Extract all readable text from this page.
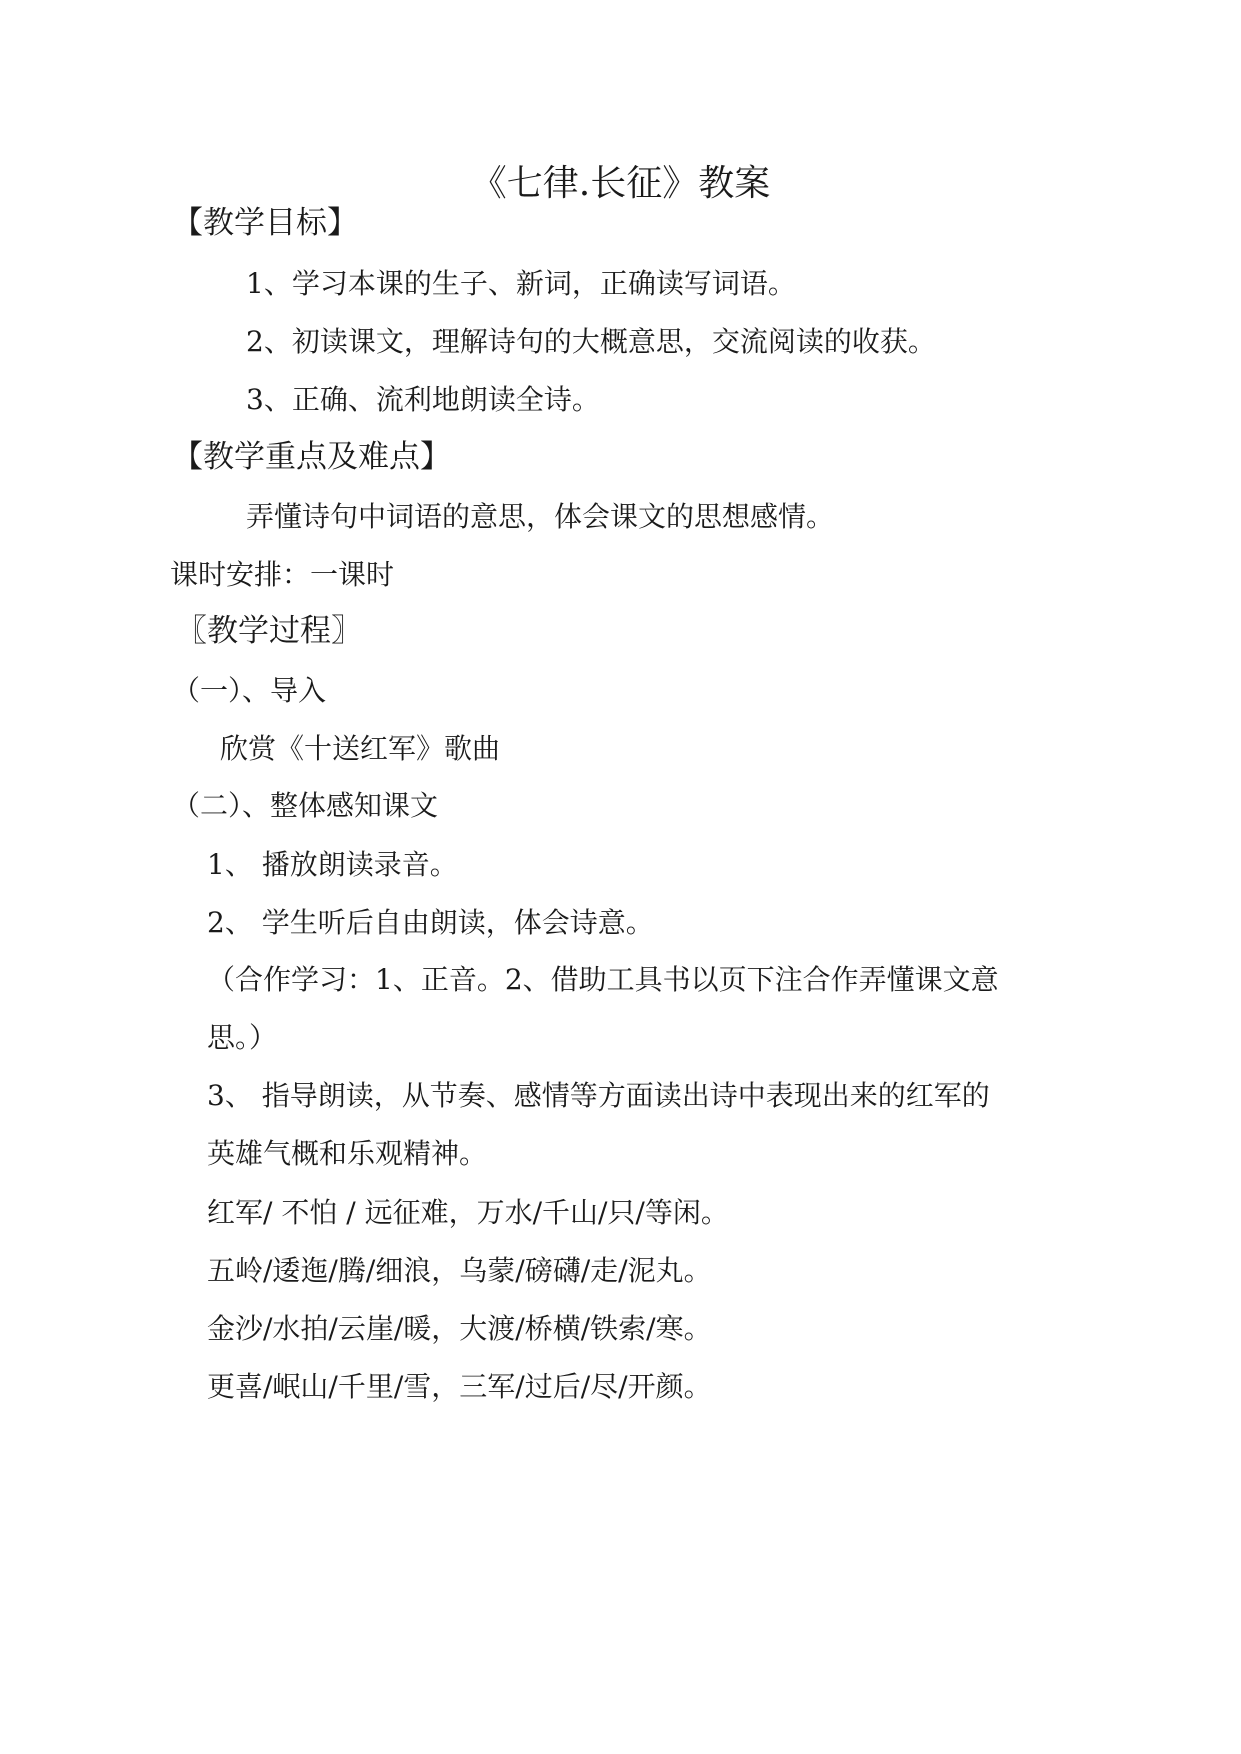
《七律.长征》教案
【教学目标】
1、学习本课的生子、新词，正确读写词语。
2、初读课文，理解诗句的大概意思，交流阅读的收获。
3、正确、流利地朗读全诗。
【教学重点及难点】
弄懂诗句中词语的意思，体会课文的思想感情。
课时安排：一课时
〖教学过程〗
（一）、导入
欣赏《十送红军》歌曲
（二）、整体感知课文
1、 播放朗读录音。
2、 学生听后自由朗读，体会诗意。
（合作学习：1、正音。2、借助工具书以页下注合作弄懂课文意
思。）
3、 指导朗读，从节奏、感情等方面读出诗中表现出来的红军的
英雄气概和乐观精神。
红军/ 不怕 / 远征难，万水/千山/只/等闲。
五岭/逶迤/腾/细浪，乌蒙/磅礴/走/泥丸。
金沙/水拍/云崖/暖，大渡/桥横/铁索/寒。
更喜/岷山/千里/雪，三军/过后/尽/开颜。
